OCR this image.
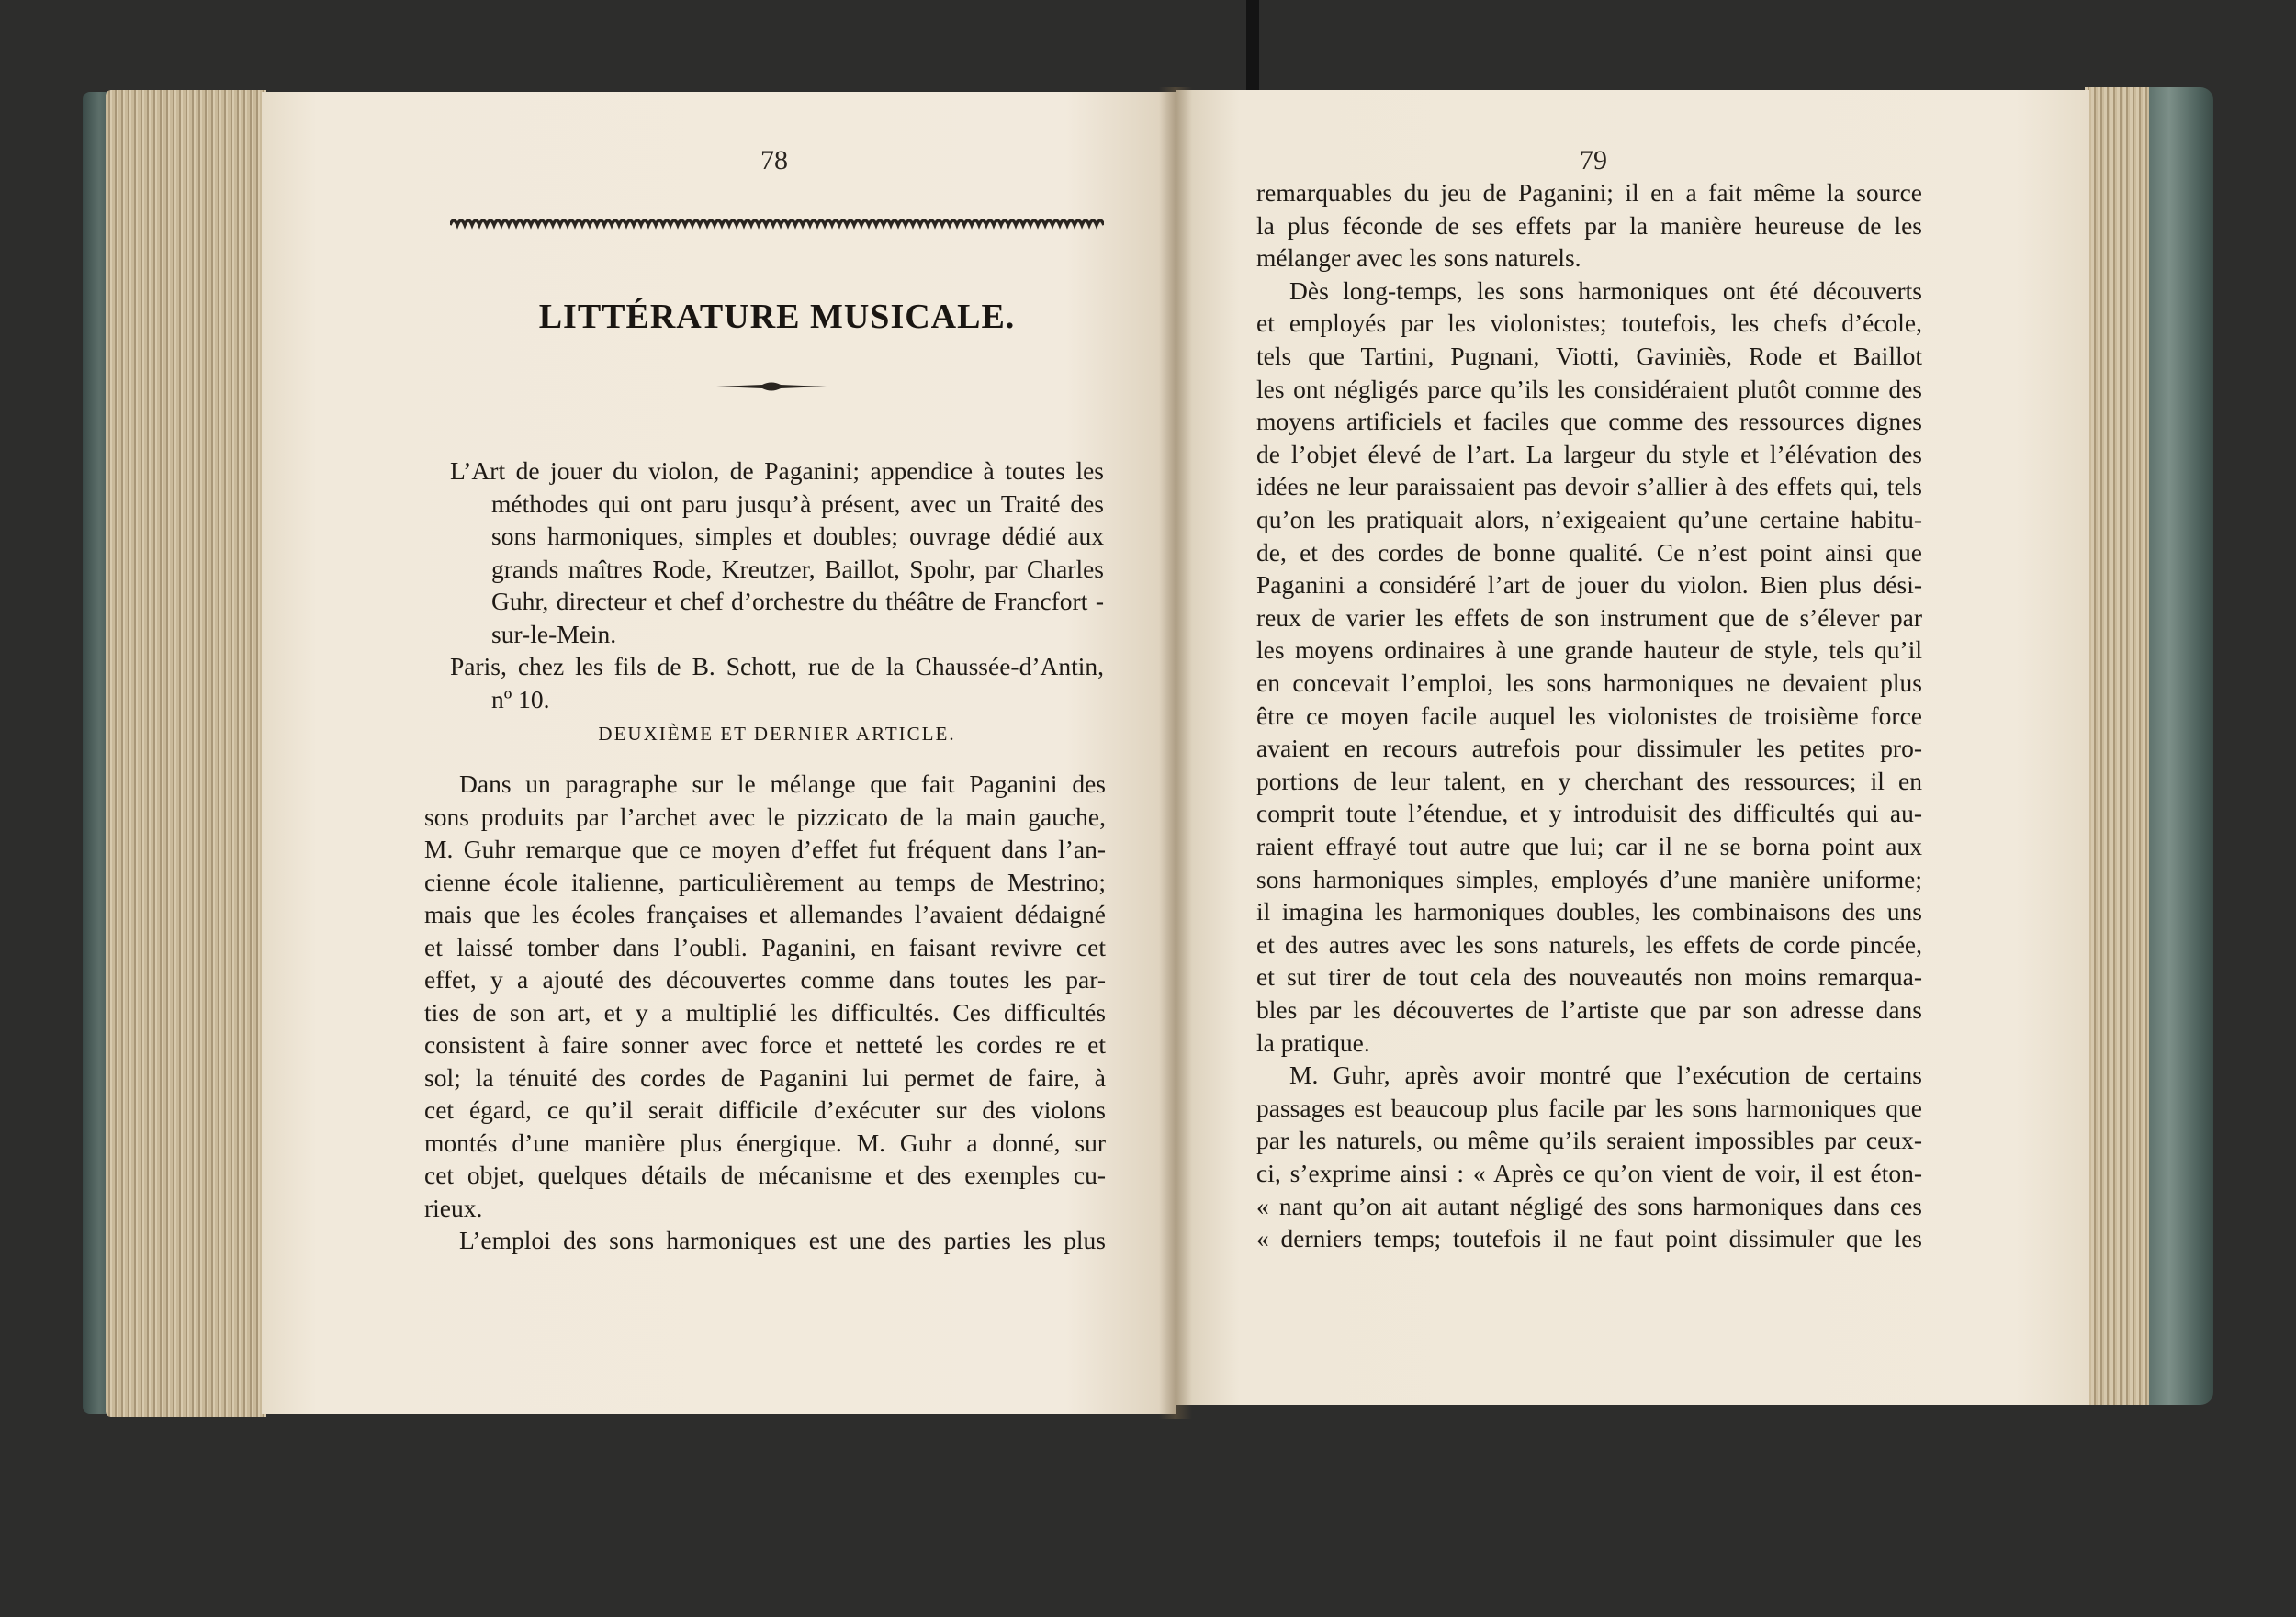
78
LITTÉRATURE MUSICALE.
L’Art de jouer du violon, de Paganini; appendice à toutes les
méthodes qui ont paru jusqu’à présent, avec un Traité des
sons harmoniques, simples et doubles; ouvrage dédié aux
grands maîtres Rode, Kreutzer, Baillot, Spohr, par Charles
Guhr, directeur et chef d’orchestre du théâtre de Francfort -
sur-le-Mein.
Paris, chez les fils de B. Schott, rue de la Chaussée-d’Antin,
nº 10.
DEUXIÈME ET DERNIER ARTICLE.
Dans un paragraphe sur le mélange que fait Paganini des
sons produits par l’archet avec le pizzicato de la main gauche,
M. Guhr remarque que ce moyen d’effet fut fréquent dans l’an-
cienne école italienne, particulièrement au temps de Mestrino;
mais que les écoles françaises et allemandes l’avaient dédaigné
et laissé tomber dans l’oubli. Paganini, en faisant revivre cet
effet, y a ajouté des découvertes comme dans toutes les par-
ties de son art, et y a multiplié les difficultés. Ces difficultés
consistent à faire sonner avec force et netteté les cordes re et
sol; la ténuité des cordes de Paganini lui permet de faire, à
cet égard, ce qu’il serait difficile d’exécuter sur des violons
montés d’une manière plus énergique. M. Guhr a donné, sur
cet objet, quelques détails de mécanisme et des exemples cu-
rieux.
L’emploi des sons harmoniques est une des parties les plus
79
remarquables du jeu de Paganini; il en a fait même la source
la plus féconde de ses effets par la manière heureuse de les
mélanger avec les sons naturels.
Dès long-temps, les sons harmoniques ont été découverts
et employés par les violonistes; toutefois, les chefs d’école,
tels que Tartini, Pugnani, Viotti, Gaviniès, Rode et Baillot
les ont négligés parce qu’ils les considéraient plutôt comme des
moyens artificiels et faciles que comme des ressources dignes
de l’objet élevé de l’art. La largeur du style et l’élévation des
idées ne leur paraissaient pas devoir s’allier à des effets qui, tels
qu’on les pratiquait alors, n’exigeaient qu’une certaine habitu-
de, et des cordes de bonne qualité. Ce n’est point ainsi que
Paganini a considéré l’art de jouer du violon. Bien plus dési-
reux de varier les effets de son instrument que de s’élever par
les moyens ordinaires à une grande hauteur de style, tels qu’il
en concevait l’emploi, les sons harmoniques ne devaient plus
être ce moyen facile auquel les violonistes de troisième force
avaient en recours autrefois pour dissimuler les petites pro-
portions de leur talent, en y cherchant des ressources; il en
comprit toute l’étendue, et y introduisit des difficultés qui au-
raient effrayé tout autre que lui; car il ne se borna point aux
sons harmoniques simples, employés d’une manière uniforme;
il imagina les harmoniques doubles, les combinaisons des uns
et des autres avec les sons naturels, les effets de corde pincée,
et sut tirer de tout cela des nouveautés non moins remarqua-
bles par les découvertes de l’artiste que par son adresse dans
la pratique.
M. Guhr, après avoir montré que l’exécution de certains
passages est beaucoup plus facile par les sons harmoniques que
par les naturels, ou même qu’ils seraient impossibles par ceux-
ci, s’exprime ainsi : « Après ce qu’on vient de voir, il est éton-
« nant qu’on ait autant négligé des sons harmoniques dans ces
« derniers temps; toutefois il ne faut point dissimuler que les
